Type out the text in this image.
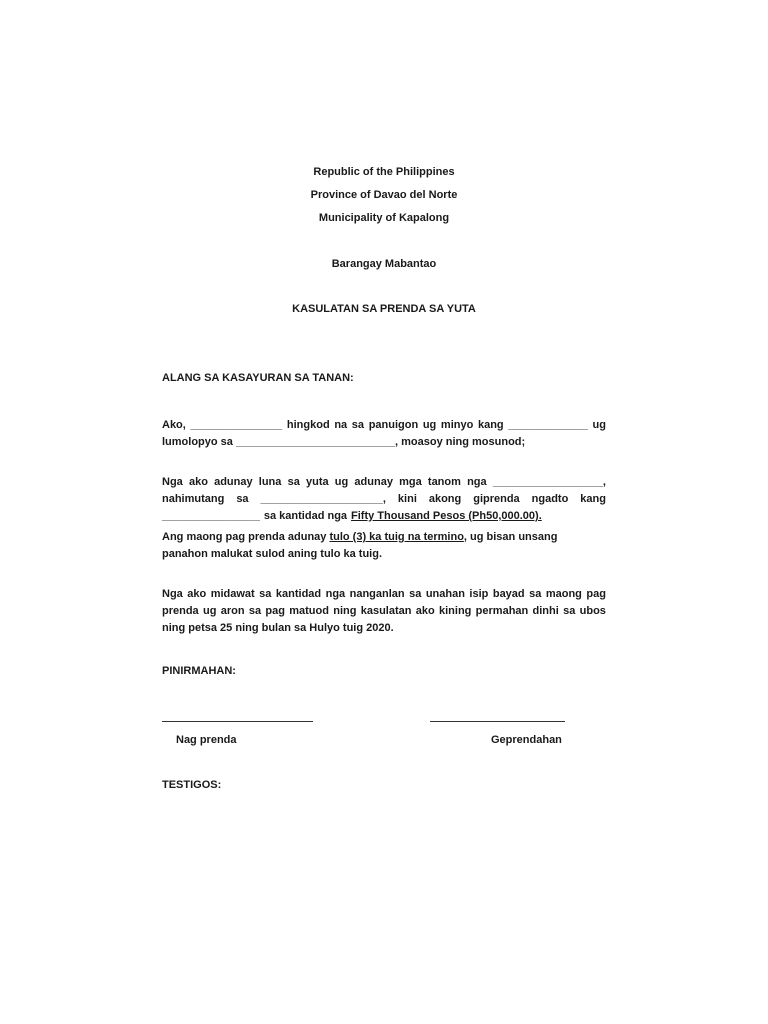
Republic of the Philippines
Province of Davao del Norte
Municipality of Kapalong
Barangay Mabantao
KASULATAN SA PRENDA SA YUTA
ALANG SA KASAYURAN SA TANAN:
Ako, _______________ hingkod na sa panuigon ug minyo kang _____________ ug
lumolopyo sa __________________________, moasoy ning mosunod;
Nga ako adunay luna sa yuta ug adunay mga tanom nga __________________,
nahimutang sa ____________________, kini akong giprenda ngadto kang
________________ sa kantidad nga Fifty Thousand Pesos (Ph50,000.00).
Ang maong pag prenda adunay
tulo (3) ka tuig na termino , ug bisan unsang
panahon malukat sulod aning tulo ka tuig.
Nga ako midawat sa kantidad nga nanganlan sa unahan isip bayad sa maong pag
prenda ug aron sa pag matuod ning kasulatan ako kining permahan dinhi sa ubos
ning petsa 25 ning bulan sa Hulyo tuig 2020.
PINIRMAHAN:
Nag prenda	Geprendahan
TESTIGOS:
